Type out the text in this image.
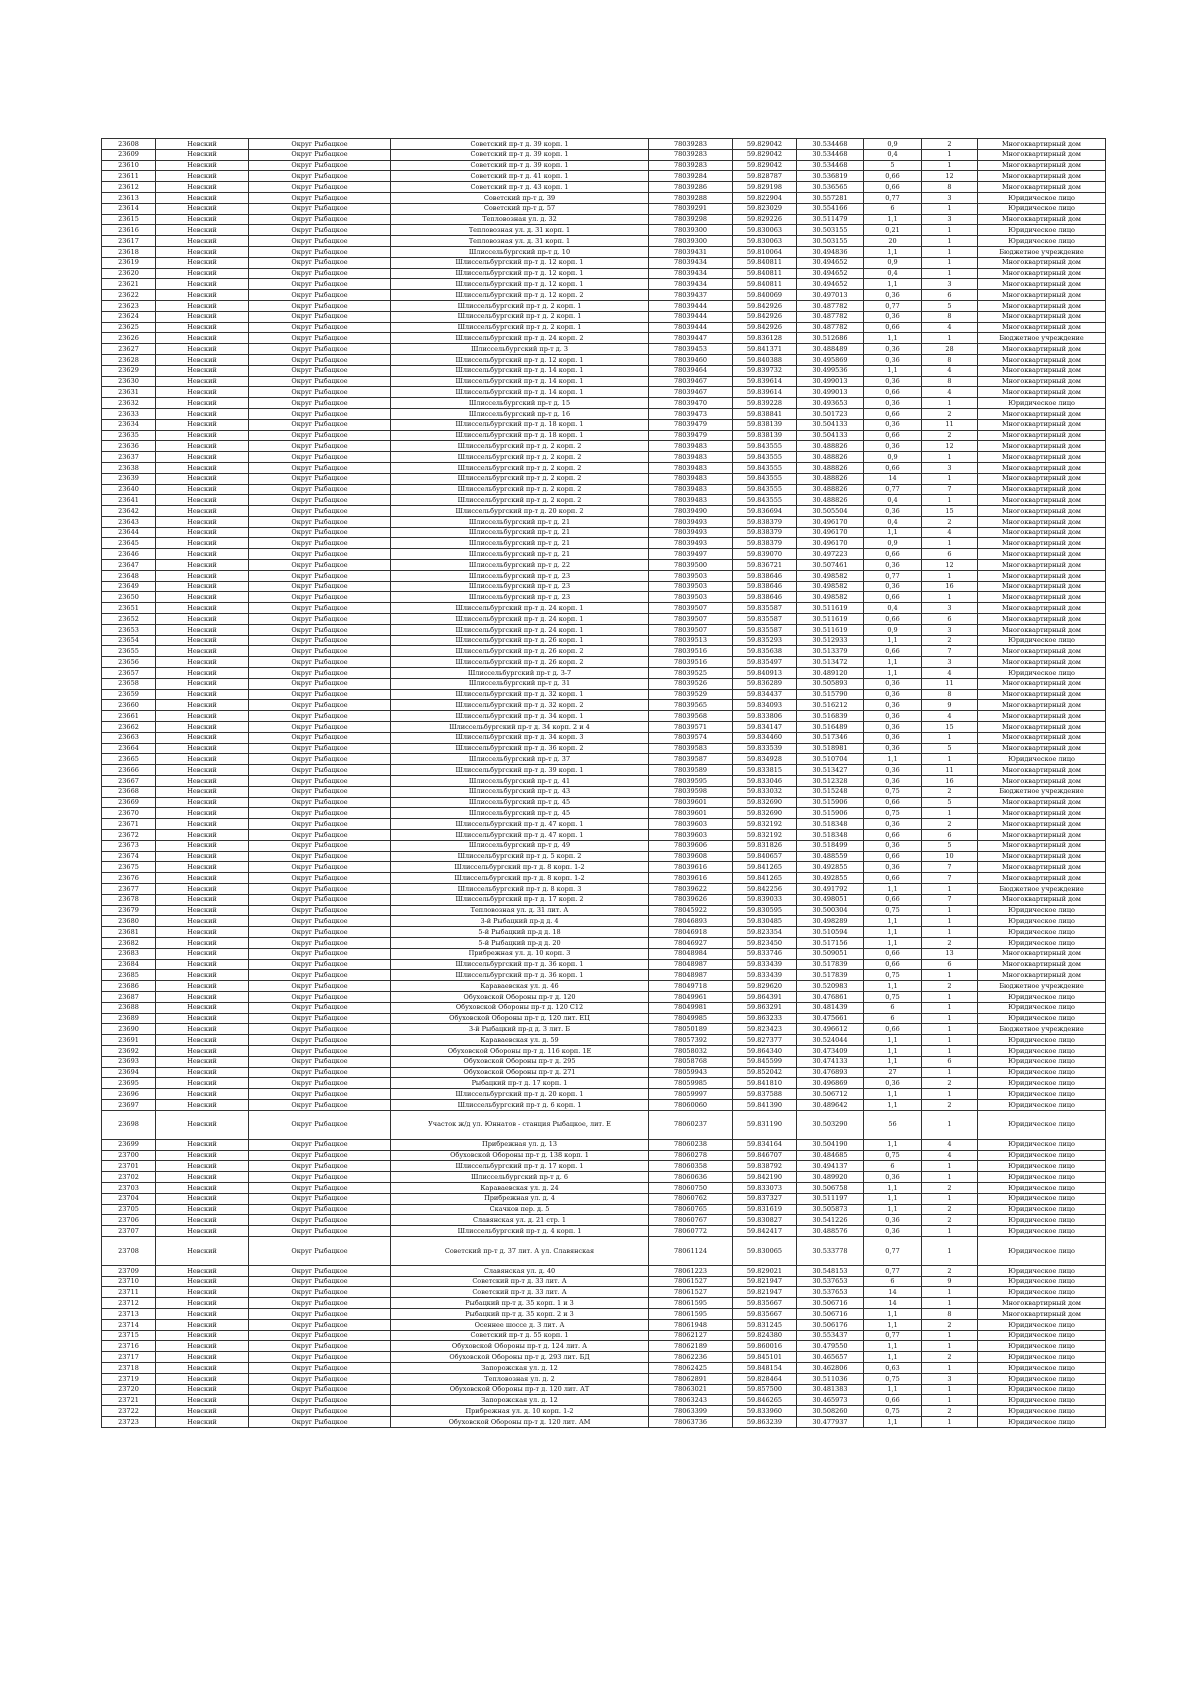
23608	Невский	Округ Рыбацкое	Советский пр-т д. 39 корп. 1	78039283	59.829042	30.534468	0,9	2	Многоквартирный дом
23609	Невский	Округ Рыбацкое	Советский пр-т д. 39 корп. 1	78039283	59.829042	30.534468	0,4	1	Многоквартирный дом
23610	Невский	Округ Рыбацкое	Советский пр-т д. 39 корп. 1	78039283	59.829042	30.534468	5	1	Многоквартирный дом
23611	Невский	Округ Рыбацкое	Советский пр-т д. 41 корп. 1	78039284	59.828787	30.536819	0,66	12	Многоквартирный дом
23612	Невский	Округ Рыбацкое	Советский пр-т д. 43 корп. 1	78039286	59.829198	30.536565	0,66	8	Многоквартирный дом
23613	Невский	Округ Рыбацкое	Советский пр-т д. 39	78039288	59.822904	30.557281	0,77	3	Юридическое лицо
23614	Невский	Округ Рыбацкое	Советский пр-т д. 57	78039291	59.823029	30.554166	6	1	Юридическое лицо
23615	Невский	Округ Рыбацкое	Тепловозная ул. д. 32	78039298	59.829226	30.511479	1,1	3	Многоквартирный дом
23616	Невский	Округ Рыбацкое	Тепловозная ул. д. 31 корп. 1	78039300	59.830063	30.503155	0,21	1	Юридическое лицо
23617	Невский	Округ Рыбацкое	Тепловозная ул. д. 31 корп. 1	78039300	59.830063	30.503155	20	1	Юридическое лицо
23618	Невский	Округ Рыбацкое	Шлиссельбургский пр-т д. 10	78039431	59.810064	30.494836	1,1	1	Бюджетное учреждение
23619	Невский	Округ Рыбацкое	Шлиссельбургский пр-т д. 12 корп. 1	78039434	59.840811	30.494652	0,9	1	Многоквартирный дом
23620	Невский	Округ Рыбацкое	Шлиссельбургский пр-т д. 12 корп. 1	78039434	59.840811	30.494652	0,4	1	Многоквартирный дом
23621	Невский	Округ Рыбацкое	Шлиссельбургский пр-т д. 12 корп. 1	78039434	59.840811	30.494652	1,1	3	Многоквартирный дом
23622	Невский	Округ Рыбацкое	Шлиссельбургский пр-т д. 12 корп. 2	78039437	59.840069	30.497013	0,36	6	Многоквартирный дом
23623	Невский	Округ Рыбацкое	Шлиссельбургский пр-т д. 2 корп. 1	78039444	59.842926	30.487782	0,77	5	Многоквартирный дом
23624	Невский	Округ Рыбацкое	Шлиссельбургский пр-т д. 2 корп. 1	78039444	59.842926	30.487782	0,36	8	Многоквартирный дом
23625	Невский	Округ Рыбацкое	Шлиссельбургский пр-т д. 2 корп. 1	78039444	59.842926	30.487782	0,66	4	Многоквартирный дом
23626	Невский	Округ Рыбацкое	Шлиссельбургский пр-т д. 24 корп. 2	78039447	59.836128	30.512686	1,1	1	Бюджетное учреждение
23627	Невский	Округ Рыбацкое	Шлиссельбургский пр-т д. 3	78039453	59.841371	30.488489	0,36	28	Многоквартирный дом
23628	Невский	Округ Рыбацкое	Шлиссельбургский пр-т д. 12 корп. 1	78039460	59.840388	30.495869	0,36	8	Многоквартирный дом
23629	Невский	Округ Рыбацкое	Шлиссельбургский пр-т д. 14 корп. 1	78039464	59.839732	30.499536	1,1	4	Многоквартирный дом
23630	Невский	Округ Рыбацкое	Шлиссельбургский пр-т д. 14 корп. 1	78039467	59.839614	30.499013	0,36	8	Многоквартирный дом
23631	Невский	Округ Рыбацкое	Шлиссельбургский пр-т д. 14 корп. 1	78039467	59.839614	30.499013	0,66	4	Многоквартирный дом
23632	Невский	Округ Рыбацкое	Шлиссельбургский пр-т д. 15	78039470	59.839228	30.493653	0,36	1	Юридическое лицо
23633	Невский	Округ Рыбацкое	Шлиссельбургский пр-т д. 16	78039473	59.838841	30.501723	0,66	2	Многоквартирный дом
23634	Невский	Округ Рыбацкое	Шлиссельбургский пр-т д. 18 корп. 1	78039479	59.838139	30.504133	0,36	11	Многоквартирный дом
23635	Невский	Округ Рыбацкое	Шлиссельбургский пр-т д. 18 корп. 1	78039479	59.838139	30.504133	0,66	2	Многоквартирный дом
23636	Невский	Округ Рыбацкое	Шлиссельбургский пр-т д. 2 корп. 2	78039483	59.843555	30.488826	0,36	12	Многоквартирный дом
23637	Невский	Округ Рыбацкое	Шлиссельбургский пр-т д. 2 корп. 2	78039483	59.843555	30.488826	0,9	1	Многоквартирный дом
23638	Невский	Округ Рыбацкое	Шлиссельбургский пр-т д. 2 корп. 2	78039483	59.843555	30.488826	0,66	3	Многоквартирный дом
23639	Невский	Округ Рыбацкое	Шлиссельбургский пр-т д. 2 корп. 2	78039483	59.843555	30.488826	14	1	Многоквартирный дом
23640	Невский	Округ Рыбацкое	Шлиссельбургский пр-т д. 2 корп. 2	78039483	59.843555	30.488826	0,77	7	Многоквартирный дом
23641	Невский	Округ Рыбацкое	Шлиссельбургский пр-т д. 2 корп. 2	78039483	59.843555	30.488826	0,4	1	Многоквартирный дом
23642	Невский	Округ Рыбацкое	Шлиссельбургский пр-т д. 20 корп. 2	78039490	59.836694	30.505504	0,36	15	Многоквартирный дом
23643	Невский	Округ Рыбацкое	Шлиссельбургский пр-т д. 21	78039493	59.838379	30.496170	0,4	2	Многоквартирный дом
23644	Невский	Округ Рыбацкое	Шлиссельбургский пр-т д. 21	78039493	59.838379	30.496170	1,1	4	Многоквартирный дом
23645	Невский	Округ Рыбацкое	Шлиссельбургский пр-т д. 21	78039493	59.838379	30.496170	0,9	1	Многоквартирный дом
23646	Невский	Округ Рыбацкое	Шлиссельбургский пр-т д. 21	78039497	59.839070	30.497223	0,66	6	Многоквартирный дом
23647	Невский	Округ Рыбацкое	Шлиссельбургский пр-т д. 22	78039500	59.836721	30.507461	0,36	12	Многоквартирный дом
23648	Невский	Округ Рыбацкое	Шлиссельбургский пр-т д. 23	78039503	59.838646	30.498582	0,77	1	Многоквартирный дом
23649	Невский	Округ Рыбацкое	Шлиссельбургский пр-т д. 23	78039503	59.838646	30.498582	0,36	16	Многоквартирный дом
23650	Невский	Округ Рыбацкое	Шлиссельбургский пр-т д. 23	78039503	59.838646	30.498582	0,66	1	Многоквартирный дом
23651	Невский	Округ Рыбацкое	Шлиссельбургский пр-т д. 24 корп. 1	78039507	59.835587	30.511619	0,4	3	Многоквартирный дом
23652	Невский	Округ Рыбацкое	Шлиссельбургский пр-т д. 24 корп. 1	78039507	59.835587	30.511619	0,66	6	Многоквартирный дом
23653	Невский	Округ Рыбацкое	Шлиссельбургский пр-т д. 24 корп. 1	78039507	59.835587	30.511619	0,9	3	Многоквартирный дом
23654	Невский	Округ Рыбацкое	Шлиссельбургский пр-т д. 26 корп. 1	78039513	59.835293	30.512933	1,1	2	Юридическое лицо
23655	Невский	Округ Рыбацкое	Шлиссельбургский пр-т д. 26 корп. 2	78039516	59.835638	30.513379	0,66	7	Многоквартирный дом
23656	Невский	Округ Рыбацкое	Шлиссельбургский пр-т д. 26 корп. 2	78039516	59.835497	30.513472	1,1	3	Многоквартирный дом
23657	Невский	Округ Рыбацкое	Шлиссельбургский пр-т д. 3-7	78039525	59.840913	30.489120	1,1	4	Юридическое лицо
23658	Невский	Округ Рыбацкое	Шлиссельбургский пр-т д. 31	78039526	59.836289	30.505893	0,36	11	Многоквартирный дом
23659	Невский	Округ Рыбацкое	Шлиссельбургский пр-т д. 32 корп. 1	78039529	59.834437	30.515790	0,36	8	Многоквартирный дом
23660	Невский	Округ Рыбацкое	Шлиссельбургский пр-т д. 32 корп. 2	78039565	59.834093	30.516212	0,36	9	Многоквартирный дом
23661	Невский	Округ Рыбацкое	Шлиссельбургский пр-т д. 34 корп. 1	78039568	59.833806	30.516839	0,36	4	Многоквартирный дом
23662	Невский	Округ Рыбацкое	Шлиссельбургский пр-т д. 34 корп. 2 и 4	78039571	59.834147	30.516489	0,36	15	Многоквартирный дом
23663	Невский	Округ Рыбацкое	Шлиссельбургский пр-т д. 34 корп. 3	78039574	59.834460	30.517346	0,36	1	Многоквартирный дом
23664	Невский	Округ Рыбацкое	Шлиссельбургский пр-т д. 36 корп. 2	78039583	59.833539	30.518981	0,36	5	Многоквартирный дом
23665	Невский	Округ Рыбацкое	Шлиссельбургский пр-т д. 37	78039587	59.834928	30.510704	1,1	1	Юридическое лицо
23666	Невский	Округ Рыбацкое	Шлиссельбургский пр-т д. 39 корп. 1	78039589	59.833815	30.513427	0,36	11	Многоквартирный дом
23667	Невский	Округ Рыбацкое	Шлиссельбургский пр-т д. 41	78039595	59.833046	30.512328	0,36	16	Многоквартирный дом
23668	Невский	Округ Рыбацкое	Шлиссельбургский пр-т д. 43	78039598	59.833032	30.515248	0,75	2	Бюджетное учреждение
23669	Невский	Округ Рыбацкое	Шлиссельбургский пр-т д. 45	78039601	59.832690	30.515906	0,66	5	Многоквартирный дом
23670	Невский	Округ Рыбацкое	Шлиссельбургский пр-т д. 45	78039601	59.832690	30.515906	0,75	1	Многоквартирный дом
23671	Невский	Округ Рыбацкое	Шлиссельбургский пр-т д. 47 корп. 1	78039603	59.832192	30.518348	0,36	2	Многоквартирный дом
23672	Невский	Округ Рыбацкое	Шлиссельбургский пр-т д. 47 корп. 1	78039603	59.832192	30.518348	0,66	6	Многоквартирный дом
23673	Невский	Округ Рыбацкое	Шлиссельбургский пр-т д. 49	78039606	59.831826	30.518499	0,36	5	Многоквартирный дом
23674	Невский	Округ Рыбацкое	Шлиссельбургский пр-т д. 5 корп. 2	78039608	59.840657	30.488559	0,66	10	Многоквартирный дом
23675	Невский	Округ Рыбацкое	Шлиссельбургский пр-т д. 8 корп. 1-2	78039616	59.841265	30.492855	0,36	7	Многоквартирный дом
23676	Невский	Округ Рыбацкое	Шлиссельбургский пр-т д. 8 корп. 1-2	78039616	59.841265	30.492855	0,66	7	Многоквартирный дом
23677	Невский	Округ Рыбацкое	Шлиссельбургский пр-т д. 8 корп. 3	78039622	59.842256	30.491792	1,1	1	Бюджетное учреждение
23678	Невский	Округ Рыбацкое	Шлиссельбургский пр-т д. 17 корп. 2	78039626	59.839033	30.498051	0,66	7	Многоквартирный дом
23679	Невский	Округ Рыбацкое	Тепловозная ул. д. 31 лит. А	78045922	59.830595	30.500304	0,75	1	Юридическое лицо
23680	Невский	Округ Рыбацкое	3-й Рыбацкий пр-д д. 4	78046893	59.830485	30.498289	1,1	1	Юридическое лицо
23681	Невский	Округ Рыбацкое	5-й Рыбацкий пр-д д. 18	78046918	59.823354	30.510594	1,1	1	Юридическое лицо
23682	Невский	Округ Рыбацкое	5-й Рыбацкий пр-д д. 20	78046927	59.823450	30.517156	1,1	2	Юридическое лицо
23683	Невский	Округ Рыбацкое	Прибрежная ул. д. 10 корп. 3	78048984	59.833746	30.509051	0,66	13	Многоквартирный дом
23684	Невский	Округ Рыбацкое	Шлиссельбургский пр-т д. 36 корп. 1	78048987	59.833439	30.517839	0,66	6	Многоквартирный дом
23685	Невский	Округ Рыбацкое	Шлиссельбургский пр-т д. 36 корп. 1	78048987	59.833439	30.517839	0,75	1	Многоквартирный дом
23686	Невский	Округ Рыбацкое	Караваевская ул. д. 46	78049718	59.829620	30.520983	1,1	2	Бюджетное учреждение
23687	Невский	Округ Рыбацкое	Обуховской Обороны пр-т д. 120	78049961	59.864391	30.476861	0,75	1	Юридическое лицо
23688	Невский	Округ Рыбацкое	Обуховской Обороны пр-т д. 120 С12	78049981	59.863291	30.481439	6	1	Юридическое лицо
23689	Невский	Округ Рыбацкое	Обуховской Обороны пр-т д. 120 лит. ЕЦ	78049985	59.863233	30.475661	6	1	Юридическое лицо
23690	Невский	Округ Рыбацкое	3-й Рыбацкий пр-д д. 3 лит. Б	78050189	59.823423	30.496612	0,66	1	Бюджетное учреждение
23691	Невский	Округ Рыбацкое	Караваевская ул. д. 59	78057392	59.827377	30.524044	1,1	1	Юридическое лицо
23692	Невский	Округ Рыбацкое	Обуховской Обороны пр-т д. 116 корп. 1Е	78058032	59.864340	30.473409	1,1	1	Юридическое лицо
23693	Невский	Округ Рыбацкое	Обуховской Обороны пр-т д. 295	78058768	59.845599	30.474133	1,1	6	Юридическое лицо
23694	Невский	Округ Рыбацкое	Обуховской Обороны пр-т д. 271	78059943	59.852042	30.476893	27	1	Юридическое лицо
23695	Невский	Округ Рыбацкое	Рыбацкий пр-т д. 17 корп. 1	78059985	59.841810	30.496869	0,36	2	Юридическое лицо
23696	Невский	Округ Рыбацкое	Шлиссельбургский пр-т д. 20 корп. 1	78059997	59.837588	30.506712	1,1	1	Юридическое лицо
23697	Невский	Округ Рыбацкое	Шлиссельбургский пр-т д. 6 корп. 1	78060060	59.841390	30.489642	1,1	2	Юридическое лицо
23698	Невский	Округ Рыбацкое	Участок ж/д ул. Юннатов - станция Рыбацкое, лит. Е	78060237	59.831190	30.503290	56	1	Юридическое лицо
23699	Невский	Округ Рыбацкое	Прибрежная ул. д. 13	78060238	59.834164	30.504190	1,1	4	Юридическое лицо
23700	Невский	Округ Рыбацкое	Обуховской Обороны пр-т д. 138 корп. 1	78060278	59.846707	30.484685	0,75	4	Юридическое лицо
23701	Невский	Округ Рыбацкое	Шлиссельбургский пр-т д. 17 корп. 1	78060358	59.838792	30.494137	6	1	Юридическое лицо
23702	Невский	Округ Рыбацкое	Шлиссельбургский пр-т д. 6	78060636	59.842190	30.489920	0,36	1	Юридическое лицо
23703	Невский	Округ Рыбацкое	Караваевская ул. д. 24	78060750	59.833073	30.506758	1,1	2	Юридическое лицо
23704	Невский	Округ Рыбацкое	Прибрежная ул. д. 4	78060762	59.837327	30.511197	1,1	1	Юридическое лицо
23705	Невский	Округ Рыбацкое	Скачков пер. д. 5	78060765	59.831619	30.505873	1,1	2	Юридическое лицо
23706	Невский	Округ Рыбацкое	Славянская ул. д. 21 стр. 1	78060767	59.830827	30.541226	0,36	2	Юридическое лицо
23707	Невский	Округ Рыбацкое	Шлиссельбургский пр-т д. 4 корп. 1	78060772	59.842417	30.488576	0,36	1	Юридическое лицо
23708	Невский	Округ Рыбацкое	Советский пр-т д. 37 лит. А ул. Славянская	78061124	59.830065	30.533778	0,77	1	Юридическое лицо
23709	Невский	Округ Рыбацкое	Славянская ул. д. 40	78061223	59.829021	30.548153	0,77	2	Юридическое лицо
23710	Невский	Округ Рыбацкое	Советский пр-т д. 33 лит. А	78061527	59.821947	30.537653	6	9	Юридическое лицо
23711	Невский	Округ Рыбацкое	Советский пр-т д. 33 лит. А	78061527	59.821947	30.537653	14	1	Юридическое лицо
23712	Невский	Округ Рыбацкое	Рыбацкий пр-т д. 35 корп. 1 и 3	78061595	59.835667	30.506716	14	1	Многоквартирный дом
23713	Невский	Округ Рыбацкое	Рыбацкий пр-т д. 35 корп. 2 и 3	78061595	59.835667	30.506716	1,1	8	Многоквартирный дом
23714	Невский	Округ Рыбацкое	Осеннее шоссе д. 3 лит. А	78061948	59.831245	30.506176	1,1	2	Юридическое лицо
23715	Невский	Округ Рыбацкое	Советский пр-т д. 55 корп. 1	78062127	59.824380	30.553437	0,77	1	Юридическое лицо
23716	Невский	Округ Рыбацкое	Обуховской Обороны пр-т д. 124 лит. А	78062189	59.860016	30.479550	1,1	1	Юридическое лицо
23717	Невский	Округ Рыбацкое	Обуховской Обороны пр-т д. 293 лит. БД	78062236	59.845101	30.465657	1,1	2	Юридическое лицо
23718	Невский	Округ Рыбацкое	Запорожская ул. д. 12	78062425	59.848154	30.462806	0,63	1	Юридическое лицо
23719	Невский	Округ Рыбацкое	Тепловозная ул. д. 2	78062891	59.828464	30.511036	0,75	3	Юридическое лицо
23720	Невский	Округ Рыбацкое	Обуховской Обороны пр-т д. 120 лит. АТ	78063021	59.857500	30.481383	1,1	1	Юридическое лицо
23721	Невский	Округ Рыбацкое	Запорожская ул. д. 12	78063243	59.846265	30.465973	0,66	1	Юридическое лицо
23722	Невский	Округ Рыбацкое	Прибрежная ул. д. 10 корп. 1-2	78063399	59.833960	30.508260	0,75	2	Юридическое лицо
23723	Невский	Округ Рыбацкое	Обуховской Обороны пр-т д. 120 лит. АМ	78063736	59.863239	30.477937	1,1	1	Юридическое лицо
